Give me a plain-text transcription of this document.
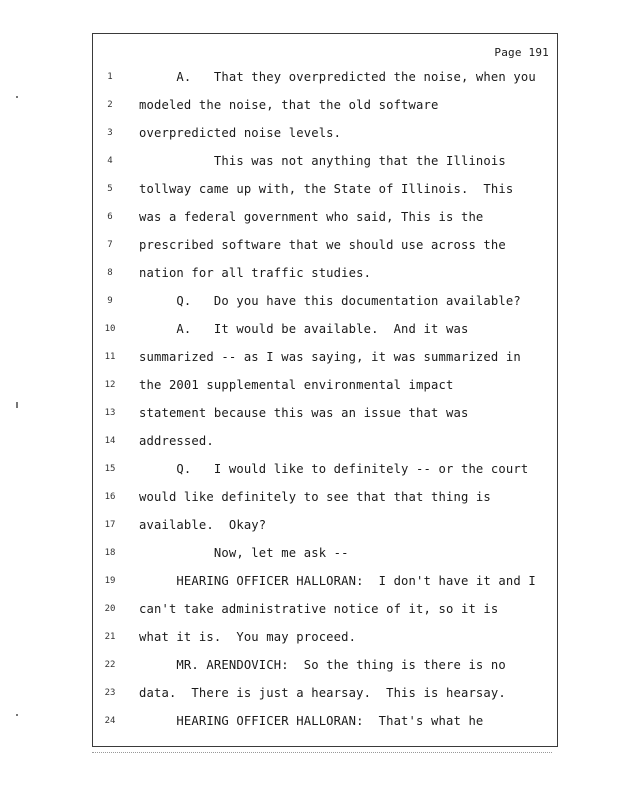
Page 191
1	A.   That they overpredicted the noise, when you
2	modeled the noise, that the old software
3	overpredicted noise levels.
4	This was not anything that the Illinois
5	tollway came up with, the State of Illinois.  This
6	was a federal government who said, This is the
7	prescribed software that we should use across the
8	nation for all traffic studies.
9	Q.   Do you have this documentation available?
10	A.   It would be available.  And it was
11	summarized -- as I was saying, it was summarized in
12	the 2001 supplemental environmental impact
13	statement because this was an issue that was
14	addressed.
15	Q.   I would like to definitely -- or the court
16	would like definitely to see that that thing is
17	available.  Okay?
18	Now, let me ask --
19	HEARING OFFICER HALLORAN:  I don't have it and I
20	can't take administrative notice of it, so it is
21	what it is.  You may proceed.
22	MR. ARENDOVICH:  So the thing is there is no
23	data.  There is just a hearsay.  This is hearsay.
24	HEARING OFFICER HALLORAN:  That's what he
